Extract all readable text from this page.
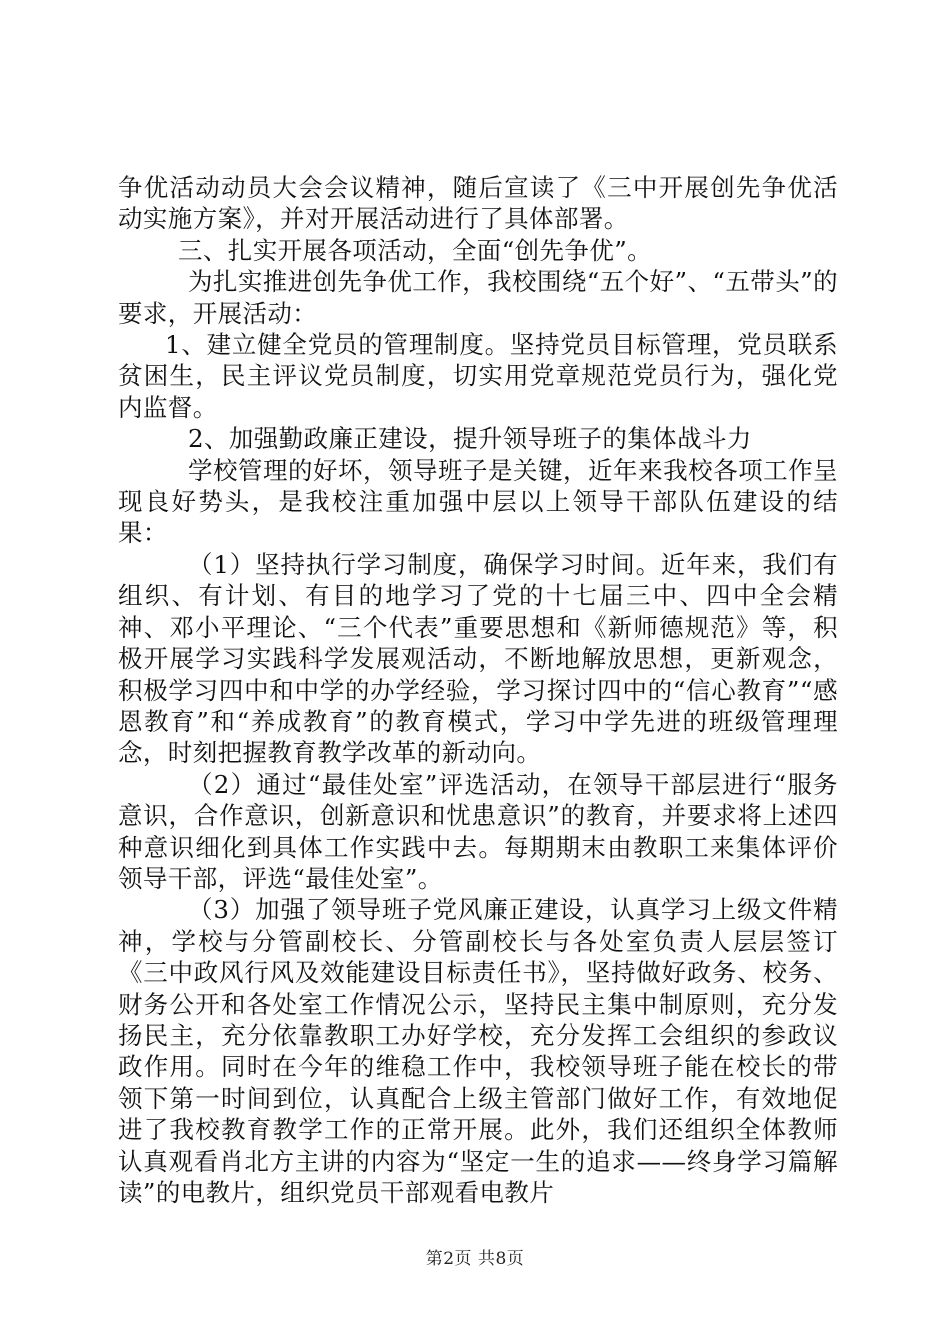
争优活动动员大会会议精神，随后宣读了《三中开展创先争优活动实施方案》，并对开展活动进行了具体部署。

三、扎实开展各项活动，全面“创先争优”。

为扎实推进创先争优工作，我校围绕“五个好”、“五带头”的要求，开展活动：

1、建立健全党员的管理制度。坚持党员目标管理，党员联系贫困生，民主评议党员制度，切实用党章规范党员行为，强化党内监督。

2、加强勤政廉正建设，提升领导班子的集体战斗力

学校管理的好坏，领导班子是关键，近年来我校各项工作呈现良好势头，是我校注重加强中层以上领导干部队伍建设的结果：

（1）坚持执行学习制度，确保学习时间。近年来，我们有组织、有计划、有目的地学习了党的十七届三中、四中全会精神、邓小平理论、“三个代表”重要思想和《新师德规范》等，积极开展学习实践科学发展观活动，不断地解放思想，更新观念，积极学习四中和中学的办学经验，学习探讨四中的“信心教育”“感恩教育”和“养成教育”的教育模式，学习中学先进的班级管理理念，时刻把握教育教学改革的新动向。

（2）通过“最佳处室”评选活动，在领导干部层进行“服务意识，合作意识，创新意识和忧患意识”的教育，并要求将上述四种意识细化到具体工作实践中去。每期期末由教职工来集体评价领导干部，评选“最佳处室”。

（3）加强了领导班子党风廉正建设，认真学习上级文件精神，学校与分管副校长、分管副校长与各处室负责人层层签订《三中政风行风及效能建设目标责任书》，坚持做好政务、校务、财务公开和各处室工作情况公示，坚持民主集中制原则，充分发扬民主，充分依靠教职工办好学校，充分发挥工会组织的参政议政作用。同时在今年的维稳工作中，我校领导班子能在校长的带领下第一时间到位，认真配合上级主管部门做好工作，有效地促进了我校教育教学工作的正常开展。此外，我们还组织全体教师认真观看肖北方主讲的内容为“坚定一生的追求——终身学习篇解读”的电教片，组织党员干部观看电教片

第2页 共8页
